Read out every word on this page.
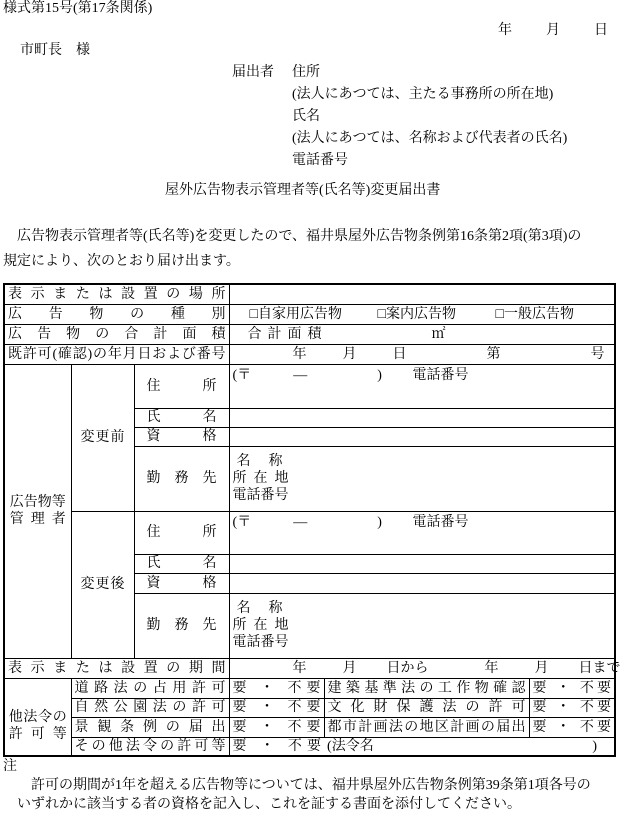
様式第15号(第17条関係)
年 月 日
市町長　様
届出者 住所
(法人にあつては、主たる事務所の所在地)
氏名
(法人にあつては、名称および代表者の氏名)
電話番号
屋外広告物表示管理者等(氏名等)変更届出書
広告物表示管理者等(氏名等)を変更したので、福井県屋外広告物条例第16条第2項(第3項)の
規定により、次のとおり届け出ます。
表示または設置の場所					
広告物の種別			□自家用広告物 □案内広告物 □一般広告物		
広告物の合計面積			合計面積 ㎡		
既許可(確認)の年月日および番号			年 月 日 第 号		
広告物等
管理者	変更前	住所	(〒　　　—　　　　　) 電話番号		
		氏名			
		資格			
		勤務先	名称
所在地
電話番号		

	変更後	住所	(〒　　　—　　　　　) 電話番号		
		氏名			
		資格			
		勤務先	名称
所在地
電話番号		

表示または設置の期間			年 月 日から 年 月 日まで		
他法令の
許可等	道路法の占用許可		要 ・ 不要	建築基準法の工作物確認	要 ・ 不要
	自然公園法の許可		要 ・ 不要	文化財保護法の許可	要 ・ 不要
	景観条例の届出		要 ・ 不要	都市計画法の地区計画の届出	要 ・ 不要
	その他法令の許可等		要 ・ 不要	(法令名 )	
注
許可の期間が1年を超える広告物等については、福井県屋外広告物条例第39条第1項各号の
いずれかに該当する者の資格を記入し、これを証する書面を添付してください。
